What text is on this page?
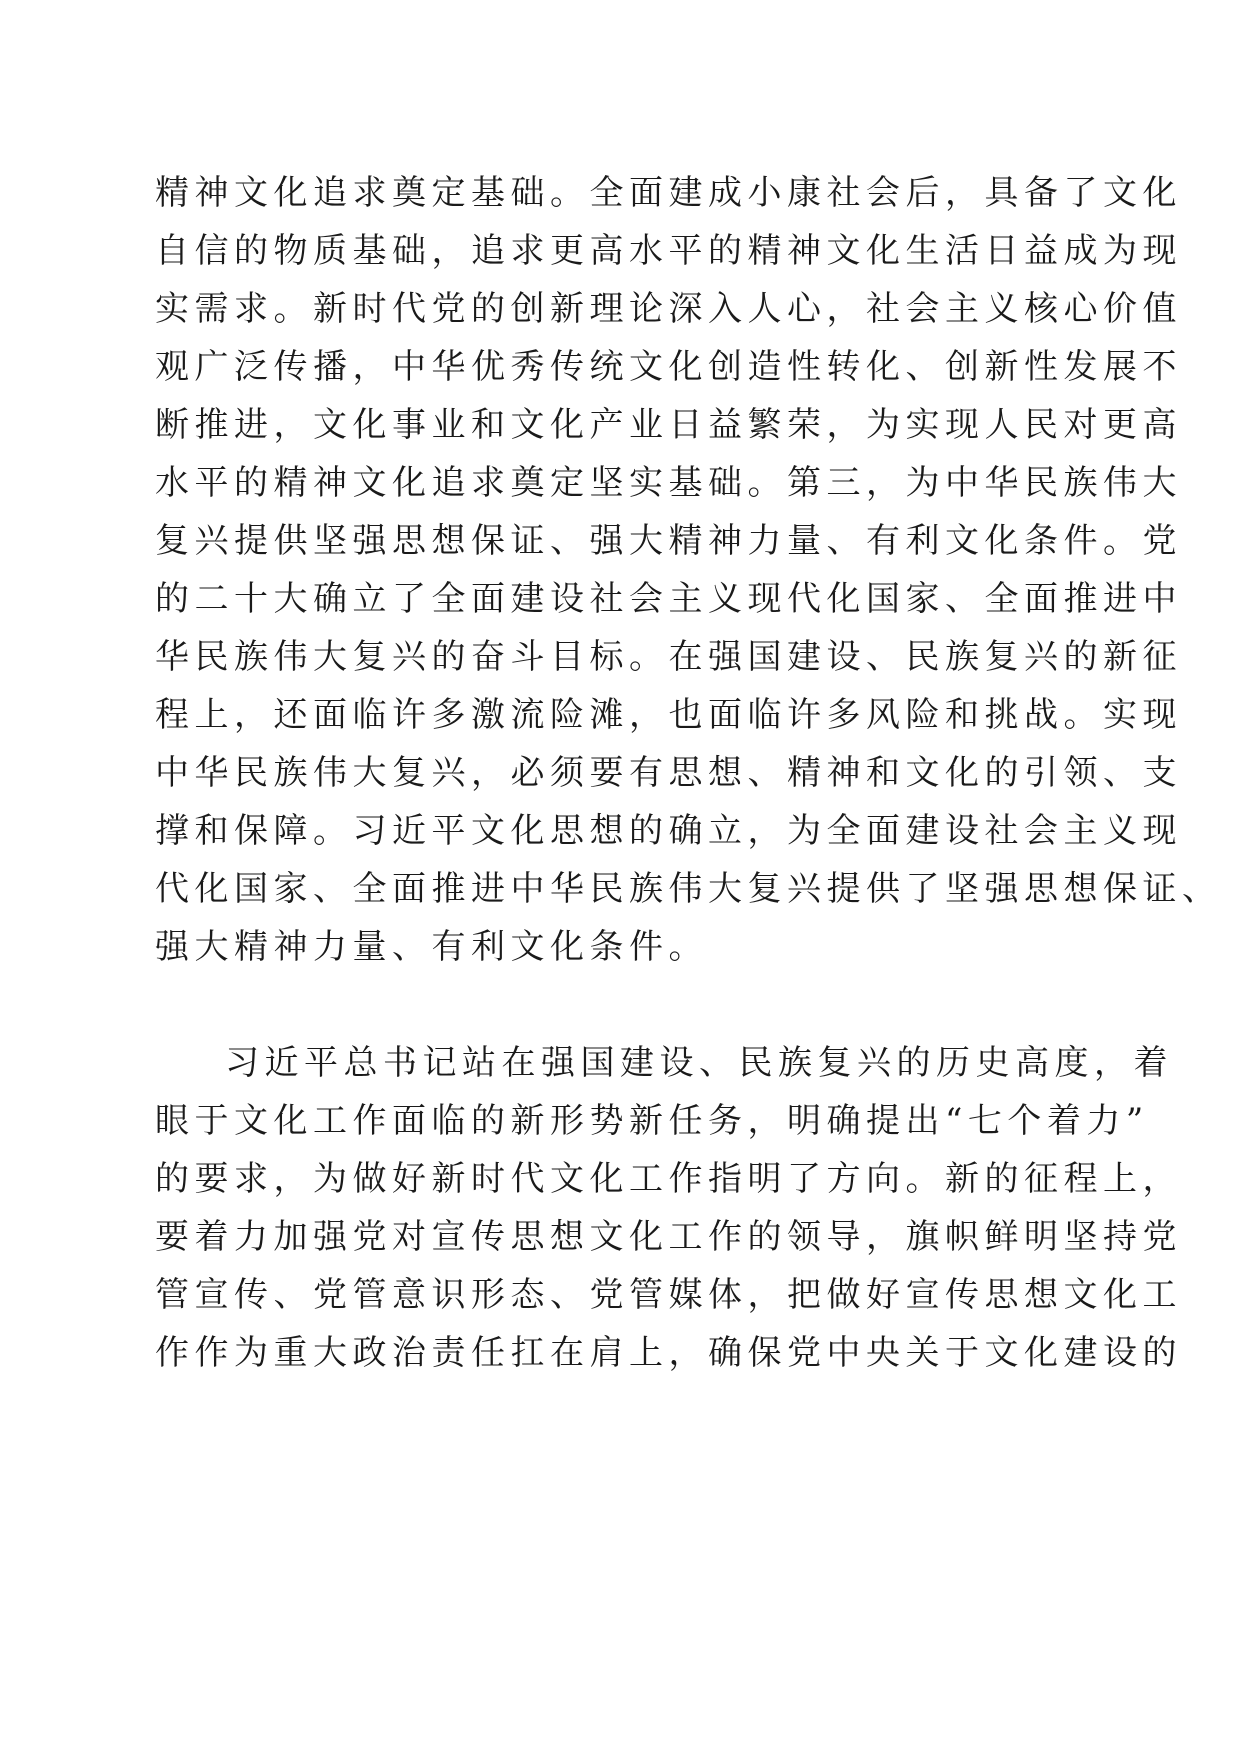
精神文化追求奠定基础。全面建成小康社会后，具备了文化
自信的物质基础，追求更高水平的精神文化生活日益成为现
实需求。新时代党的创新理论深入人心，社会主义核心价值
观广泛传播，中华优秀传统文化创造性转化、创新性发展不
断推进，文化事业和文化产业日益繁荣，为实现人民对更高
水平的精神文化追求奠定坚实基础。第三，为中华民族伟大
复兴提供坚强思想保证、强大精神力量、有利文化条件。党
的二十大确立了全面建设社会主义现代化国家、全面推进中
华民族伟大复兴的奋斗目标。在强国建设、民族复兴的新征
程上，还面临许多激流险滩，也面临许多风险和挑战。实现
中华民族伟大复兴，必须要有思想、精神和文化的引领、支
撑和保障。习近平文化思想的确立，为全面建设社会主义现
代化国家、全面推进中华民族伟大复兴提供了坚强思想保证、
强大精神力量、有利文化条件。
习近平总书记站在强国建设、民族复兴的历史高度，着
眼于文化工作面临的新形势新任务，明确提出“七个着力”
的要求，为做好新时代文化工作指明了方向。新的征程上，
要着力加强党对宣传思想文化工作的领导，旗帜鲜明坚持党
管宣传、党管意识形态、党管媒体，把做好宣传思想文化工
作作为重大政治责任扛在肩上，确保党中央关于文化建设的
